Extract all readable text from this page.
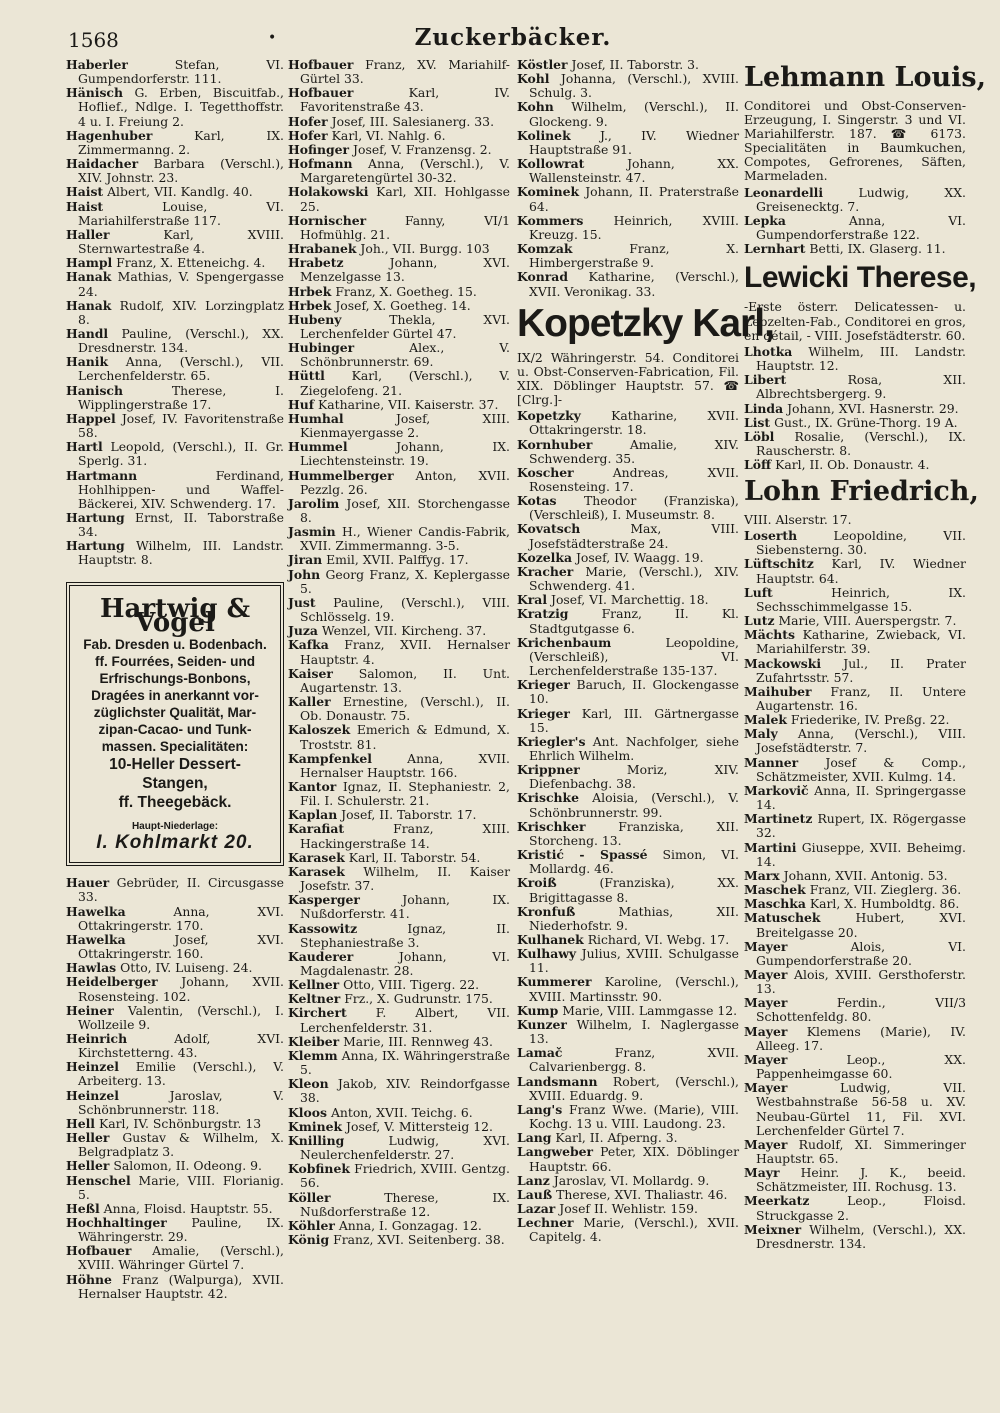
1568	•	Zuckerbäcker.

Haberler	Stefan, VI. Gumpendorferstr. 111.

Hänisch G. Erben, Biscuitfab., Hoflief., Ndlge. I. Tegetthoffstr. 4 u. I. Freiung 2.

Hagenhuber	Karl, IX. Zimmermanng. 2.

Haidacher Barbara (Verschl.), XIV. Johnstr. 23.

Haist Albert, VII. Kandlg. 40.

Haist	Louise, VI. Mariahilferstraße 117.

Haller	Karl, XVIII. Sternwartestraße 4.

Hampl Franz, X. Etteneichg. 4.

Hanak Mathias, V. Spengergasse 24.

Hanak Rudolf, XIV. Lorzingplatz 8.

Handl Pauline, (Verschl.), XX. Dresdnerstr. 134.

Hanik Anna, (Verschl.), VII. Lerchenfelderstr. 65.

Hanisch	Therese, I. Wipplingerstraße 17.

Happel Josef, IV. Favoritenstraße 58.

Hartl Leopold, (Verschl.), II. Gr. Sperlg. 31.

Hartmann	Ferdinand, Hohlhippen- und Waffel-Bäckerei, XIV. Schwenderg. 17.

Hartung Ernst, II. Taborstraße 34.

Hartung Wilhelm, III. Landstr. Hauptstr. 8.

Hartwig & Vogel
Fab. Dresden u. Bodenbach.
ff. Fourrées, Seiden- und
Erfrischungs-Bonbons,
Dragées in anerkannt vor-
züglichster Qualität, Mar-
zipan-Cacao- und Tunk-
massen. Specialitäten:
10-Heller Dessert-Stangen,
ff. Theegebäck.
Haupt-Niederlage:
I. Kohlmarkt 20.

Hauer Gebrüder, II. Circusgasse 33.

Hawelka	Anna, XVI. Ottakringerstr. 170.

Hawelka	Josef, XVI. Ottakringerstr. 160.

Hawlas Otto, IV. Luiseng. 24.

Heidelberger Johann, XVII. Rosensteing. 102.

Heiner Valentin, (Verschl.), I. Wollzeile 9.

Heinrich	Adolf, XVI. Kirchstetterng. 43.

Heinzel Emilie (Verschl.), V. Arbeiterg. 13.

Heinzel	Jaroslav, V. Schönbrunnerstr. 118.

Hell Karl, IV. Schönburgstr. 13

Heller Gustav & Wilhelm, X. Belgradplatz 3.

Heller Salomon, II. Odeong. 9.

Henschel Marie, VIII. Florianig. 5.

Heßl Anna, Floisd. Hauptstr. 55.

Hochhaltinger Pauline, IX. Währingerstr. 29.

Hofbauer Amalie, (Verschl.), XVIII. Währinger Gürtel 7.

Höhne Franz (Walpurga), XVII. Hernalser Hauptstr. 42.

Hofbauer Franz, XV. Mariahilf-Gürtel 33.

Hofbauer	Karl, IV. Favoritenstraße 43.

Hofer Josef, III. Salesianerg. 33.

Hofer Karl, VI. Nahlg. 6.

Hofinger Josef, V. Franzensg. 2.

Hofmann Anna, (Verschl.), V. Margaretengürtel 30-32.

Holakowski Karl, XII. Hohlgasse 25.

Hornischer	Fanny, VI/1 Hofmühlg. 21.

Hrabanek Joh., VII. Burgg. 103

Hrabetz	Johann, XVI. Menzelgasse 13.

Hrbek Franz, X. Goetheg. 15.

Hrbek Josef, X. Goetheg. 14.

Hubeny	Thekla, XVI. Lerchenfelder Gürtel 47.

Hubinger	Alex., V. Schönbrunnerstr. 69.

Hüttl Karl, (Verschl.), V. Ziegelofeng. 21.

Huf Katharine, VII. Kaiserstr. 37.

Humhal	Josef, XIII. Kienmayergasse 2.

Hummel	Johann, IX. Liechtensteinstr. 19.

Hummelberger Anton, XVII. Pezzlg. 26.

Jarolim Josef, XII. Storchengasse 8.

Jasmin H., Wiener Candis-Fabrik, XVII. Zimmermanng. 3-5.

Jiran Emil, XVII. Palffyg. 17.

John Georg Franz, X. Keplergasse 5.

Just Pauline, (Verschl.), VIII. Schlösselg. 19.

Juza Wenzel, VII. Kircheng. 37.

Kafka Franz, XVII. Hernalser Hauptstr. 4.

Kaiser Salomon, II. Unt. Augartenstr. 13.

Kaller Ernestine, (Verschl.), II. Ob. Donaustr. 75.

Kaloszek Emerich & Edmund, X. Troststr. 81.

Kampfenkel	Anna, XVII. Hernalser Hauptstr. 166.

Kantor Ignaz, II. Stephaniestr. 2, Fil. I. Schulerstr. 21.

Kaplan Josef, II. Taborstr. 17.

Karafiat	Franz, XIII. Hackingerstraße 14.

Karasek Karl, II. Taborstr. 54.

Karasek Wilhelm, II. Kaiser Josefstr. 37.

Kasperger	Johann, IX. Nußdorferstr. 41.

Kassowitz	Ignaz, II. Stephaniestraße 3.

Kauderer	Johann, VI. Magdalenastr. 28.

Kellner Otto, VIII. Tigerg. 22.

Keltner Frz., X. Gudrunstr. 175.

Kirchert F. Albert, VII. Lerchenfelderstr. 31.

Kleiber Marie, III. Rennweg 43.

Klemm Anna, IX. Währingerstraße 5.

Kleon Jakob, XIV. Reindorfgasse 38.

Kloos Anton, XVII. Teichg. 6.

Kminek Josef, V. Mittersteig 12.

Knilling	Ludwig, XVI. Neulerchenfelderstr. 27.

Kobfinek Friedrich, XVIII. Gentzg. 56.

Köller	Therese, IX. Nußdorferstraße 12.

Köhler Anna, I. Gonzagag. 12.

König Franz, XVI. Seitenberg. 38.

Köstler Josef, II. Taborstr. 3.

Kohl Johanna, (Verschl.), XVIII. Schulg. 3.

Kohn Wilhelm, (Verschl.), II. Glockeng. 9.

Kolinek J., IV. Wiedner Hauptstraße 91.

Kollowrat	Johann, XX. Wallensteinstr. 47.

Kominek Johann, II. Praterstraße 64.

Kommers Heinrich, XVIII. Kreuzg. 15.

Komzak	Franz, X. Himbergerstraße 9.

Konrad Katharine, (Verschl.), XVII. Veronikag. 33.

Kopetzky Karl,
IX/2 Währingerstr. 54. Conditorei u. Obst-Conserven-Fabrication, Fil. XIX. Döblinger Hauptstr. 57. ☎ [Clrg.]-

Kopetzky Katharine, XVII. Ottakringerstr. 18.

Kornhuber	Amalie, XIV. Schwenderg. 35.

Koscher	Andreas, XVII. Rosensteing. 17.

Kotas Theodor (Franziska), (Verschleiß), I. Museumstr. 8.

Kovatsch	Max, VIII. Josefstädterstraße 24.

Kozelka Josef, IV. Waagg. 19.

Kracher Marie, (Verschl.), XIV. Schwenderg. 41.

Kral Josef, VI. Marchettig. 18.

Kratzig	Franz, II. Kl. Stadtgutgasse 6.

Krichenbaum	Leopoldine, (Verschleiß), VI. Lerchenfelderstraße 135-137.

Krieger Baruch, II. Glockengasse 10.

Krieger Karl, III. Gärtnergasse 15.

Kriegler's Ant. Nachfolger, siehe Ehrlich Wilhelm.

Krippner	Moriz, XIV. Diefenbachg. 38.

Krischke Aloisia, (Verschl.), V. Schönbrunnerstr. 99.

Krischker	Franziska, XII. Storcheng. 13.

Kristić - Spassé Simon, VI. Mollardg. 46.

Kroiß	(Franziska), XX. Brigittagasse 8.

Kronfuß	Mathias, XII. Niederhofstr. 9.

Kulhanek Richard, VI. Webg. 17.

Kulhawy Julius, XVIII. Schulgasse 11.

Kummerer Karoline, (Verschl.), XVIII. Martinsstr. 90.

Kump Marie, VIII. Lammgasse 12.

Kunzer Wilhelm, I. Naglergasse 13.

Lamač	Franz, XVII. Calvarienbergg. 8.

Landsmann Robert, (Verschl.), XVIII. Eduardg. 9.

Lang's Franz Wwe. (Marie), VIII. Kochg. 13 u. VIII. Laudong. 23.

Lang Karl, II. Afperng. 3.

Langweber Peter, XIX. Döblinger Hauptstr. 66.

Lanz Jaroslav, VI. Mollardg. 9.

Lauß Therese, XVI. Thaliastr. 46.

Lazar Josef II. Wehlistr. 159.

Lechner Marie, (Verschl.), XVII. Capitelg. 4.

Lehmann Louis,
Conditorei und Obst-Conserven-Erzeugung, I. Singerstr. 3 und VI. Mariahilferstr. 187. ☎ 6173. Specialitäten in Baumkuchen, Compotes, Gefrorenes, Säften, Marmeladen.

Leonardelli	Ludwig, XX. Greisenecktg. 7.

Lepka	Anna, VI. Gumpendorferstraße 122.

Lernhart Betti, IX. Glaserg. 11.

Lewicki Therese,
-Erste österr. Delicatessen- u. Lebzelten-Fab., Conditorei en gros, en détail, - VIII. Josefstädterstr. 60.

Lhotka Wilhelm, III. Landstr. Hauptstr. 12.

Libert	Rosa, XII. Albrechtsbergerg. 9.

Linda Johann, XVI. Hasnerstr. 29.

List Gust., IX. Grüne-Thorg. 19 A.

Löbl Rosalie, (Verschl.), IX. Rauscherstr. 8.

Löff Karl, II. Ob. Donaustr. 4.

Lohn Friedrich,
VIII. Alserstr. 17.

Loserth	Leopoldine, VII. Siebensterng. 30.

Lüftschitz Karl, IV. Wiedner Hauptstr. 64.

Luft	Heinrich, IX. Sechsschimmelgasse 15.

Lutz Marie, VIII. Auerspergstr. 7.

Mächts Katharine, Zwieback, VI. Mariahilferstr. 39.

Mackowski Jul., II. Prater Zufahrtsstr. 57.

Maihuber Franz, II. Untere Augartenstr. 16.

Malek Friederike, IV. Preßg. 22.

Maly Anna, (Verschl.), VIII. Josefstädterstr. 7.

Manner Josef & Comp., Schätzmeister, XVII. Kulmg. 14.

Markovič Anna, II. Springergasse 14.

Martinetz Rupert, IX. Rögergasse 32.

Martini Giuseppe, XVII. Beheimg. 14.

Marx Johann, XVII. Antonig. 53.

Maschek Franz, VII. Zieglerg. 36.

Maschka Karl, X. Humboldtg. 86.

Matuschek	Hubert, XVI. Breitelgasse 20.

Mayer	Alois, VI. Gumpendorferstraße 20.

Mayer Alois, XVIII. Gersthoferstr. 13.

Mayer	Ferdin., VII/3 Schottenfeldg. 80.

Mayer Klemens (Marie), IV. Alleeg. 17.

Mayer	Leop., XX. Pappenheimgasse 60.

Mayer	Ludwig, VII. Westbahnstraße 56-58 u. XV. Neubau-Gürtel 11, Fil. XVI. Lerchenfelder Gürtel 7.

Mayer Rudolf, XI. Simmeringer Hauptstr. 65.

Mayr Heinr. J. K., beeid. Schätzmeister, III. Rochusg. 13.

Meerkatz	Leop., Floisd. Struckgasse 2.

Meixner Wilhelm, (Verschl.), XX. Dresdnerstr. 134.
